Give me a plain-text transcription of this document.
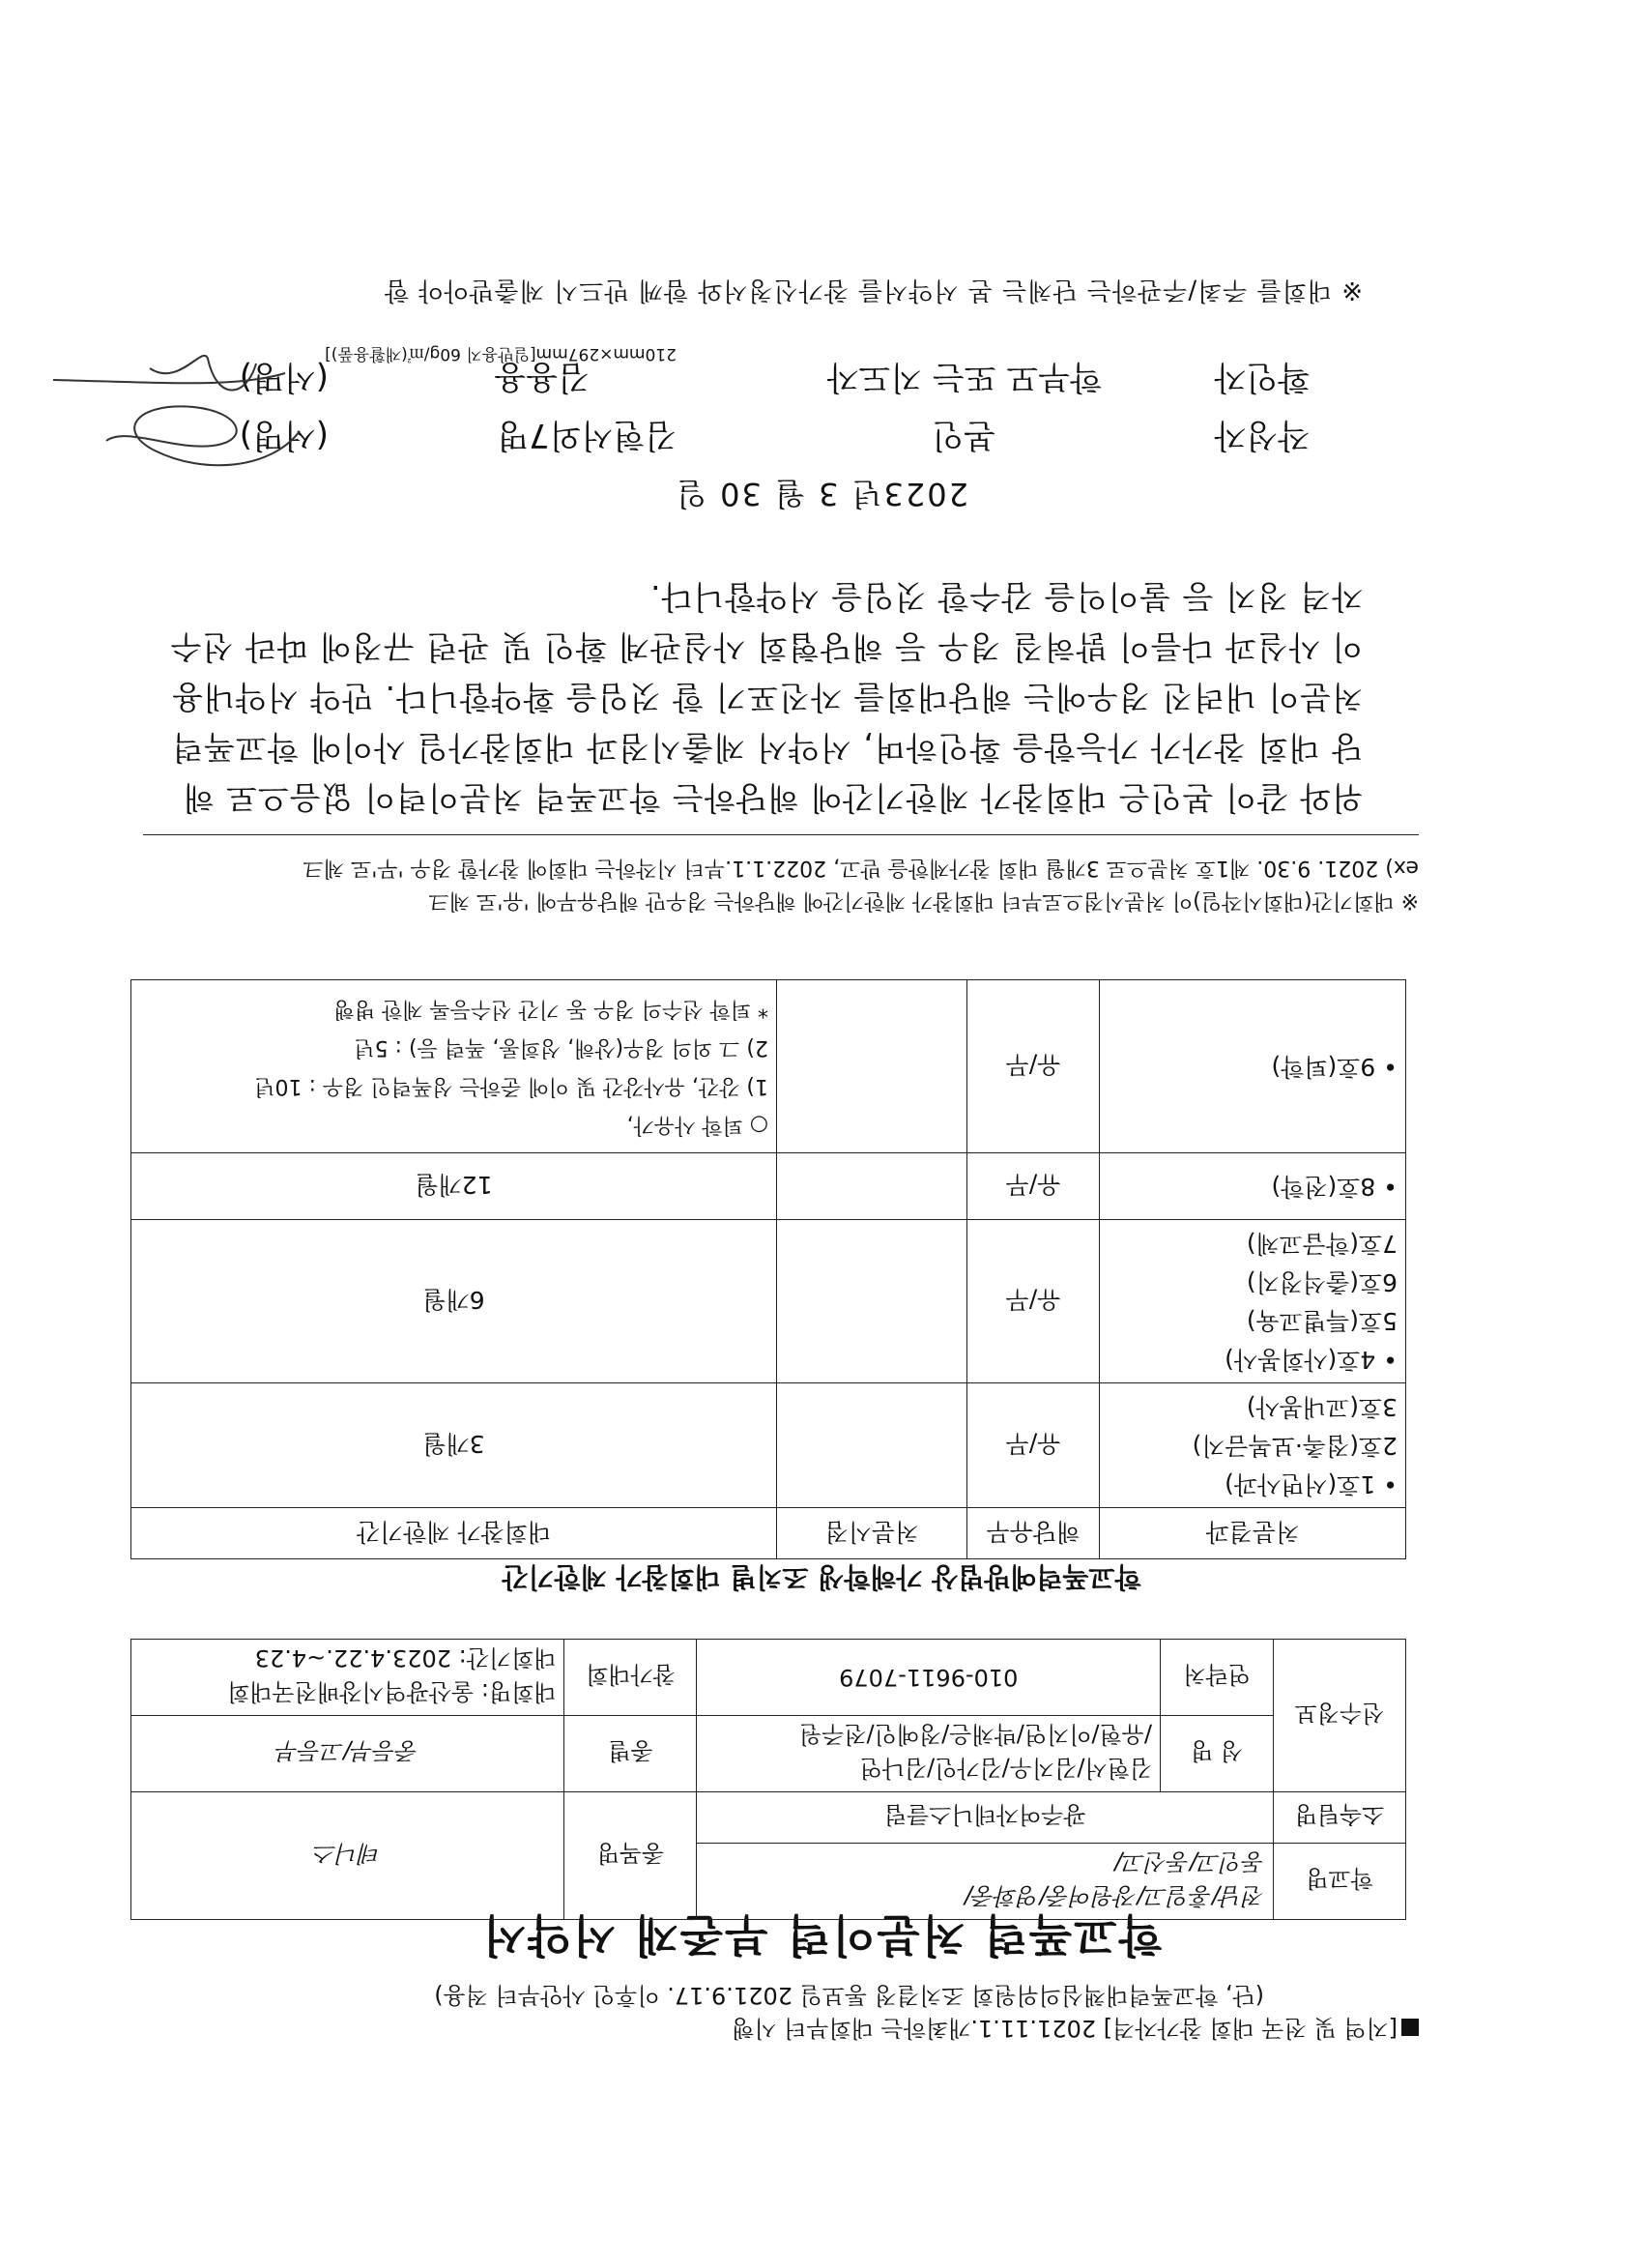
[지역 및 전국 대회 참가자격] 2021.11.1.개최하는 대회부터 시행
(단, 학교폭력대책심의위원회 조치결정 통보일 2021.9.17. 이후인 사안부터 적용)
학교폭력 처분이력 부존재 서약서
학교명	전남/홍일고/장원여중/영화중/
동인고/동신고/		종목명	테니스
소속팀명	광주여자테니스클럽			
선수정보	성 명	김현서/김지우/김가인/김나연
/유현/이지연/박채은/정예인/전주원	종별	중등부/고등부
	연락처	010-9611-7079	참가대회	대회명: 울산광역시장배전국대회
대회기간: 2023.4.22.~4.23
학교폭력예방법상 가해학생 조치별 대회참가 제한기간
처분결과	해당유무	처분시점	대회참가 제한기간
• 1호(서면사과)
2호(접촉·보복금지)
3호(교내봉사)	유/무		3개월
• 4호(사회봉사)
5호(특별교육)
6호(출석정지)
7호(학급교체)	유/무		6개월
• 8호(전학)	유/무		12개월
• 9호(퇴학)	유/무		○ 퇴학 사유가,
1) 강간, 유사강간 및 이에 준하는 성폭력인 경우 : 10년
2) 그 외의 경우(상해, 성희롱, 폭력 등) : 5년
* 퇴학 선수의 경우 동 기간 선수등록 제한 병행
※ 대회기간(대회시작일)이 처분시점으로부터 대회참가 제한기간에 해당하는 경우만 해당유무에 '유'로 체크
ex) 2021. 9.30. 제1호 처분으로 3개월 대회 참가제한을 받고, 2022.1.1.부터 시작하는 대회에 참가할 경우 '무'로 체크
위와 같이 본인은 대회참가 제한기간에 해당하는 학교폭력 처분이력이 없음으로 해당 대회 참가가 가능함을 확인하며, 서약서 제출시점과 대회참가일 사이에 학교폭력 처분이 내려진 경우에는 해당대회를 자진포기 할 것임을 확약합니다. 만약 서약내용이 사실과 다름이 밝혀질 경우 등 해당협회 사실관계 확인 및 관련 규정에 따라 선수 자격 정지 등 불이익을 감수할 것임을 서약합니다.
2023년 3 월 30 일
작성자
본인
김현서외7명
(서명)
확인자
학부모 또는 지도자
김용용
(서명)
210mm×297mm[일반용지 60g/㎡(재활용품)]
※ 대회를 주최/주관하는 단체는 본 서약서를 참가신청서와 함께 반드시 제출받아야 함
